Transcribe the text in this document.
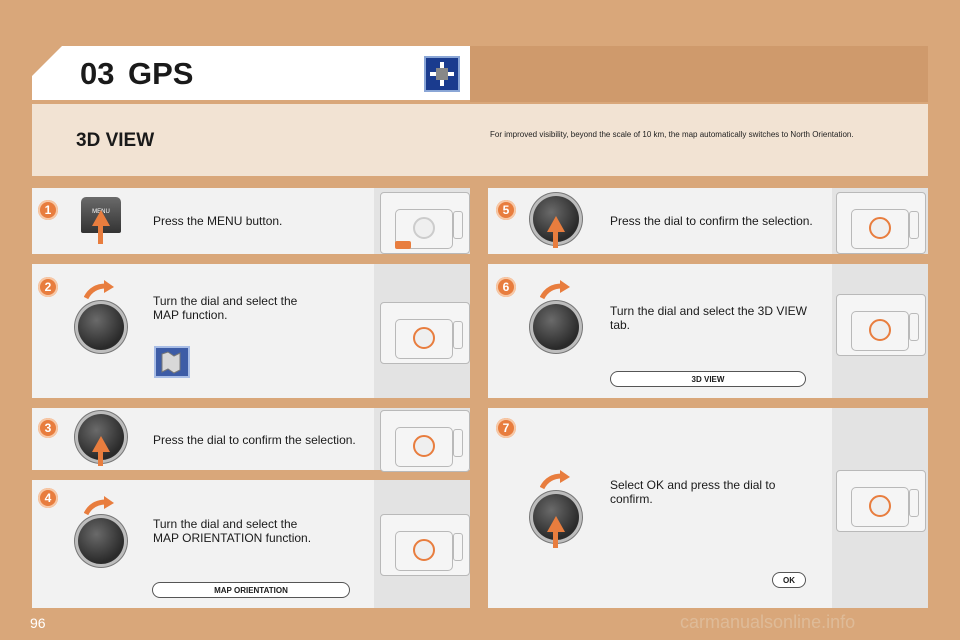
03 GPS
3D VIEW	For improved visibility, beyond the scale of 10 km, the map automatically switches to North Orientation.
1	MENU
Press the MENU button.
2
Turn the dial and select the
MAP function.
3
Press the dial to confirm the selection.
4
Turn the dial and select the
MAP ORIENTATION function.
MAP ORIENTATION
5
Press the dial to confirm the selection.
6
Turn the dial and select the 3D VIEW
tab.
3D VIEW
7
Select OK and press the dial to
confirm.
OK
96	carmanualsonline.info
